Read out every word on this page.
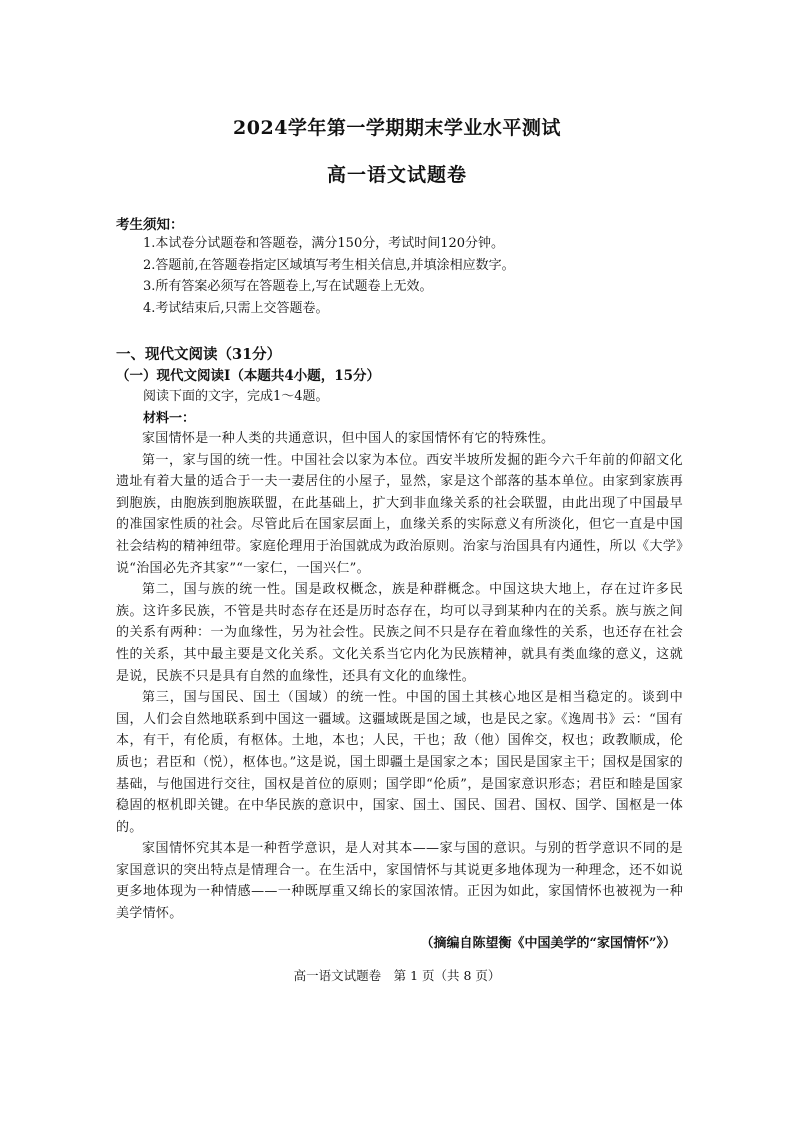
2024学年第一学期期末学业水平测试
高一语文试题卷
考生须知：
1.本试卷分试题卷和答题卷，满分150分，考试时间120分钟。
2.答题前,在答题卷指定区域填写考生相关信息,并填涂相应数字。
3.所有答案必须写在答题卷上,写在试题卷上无效。
4.考试结束后,只需上交答题卷。
一、现代文阅读（31分）
（一）现代文阅读Ⅰ（本题共4小题，15分）
阅读下面的文字，完成1～4题。
材料一：

家国情怀是一种人类的共通意识，但中国人的家国情怀有它的特殊性。

第一，家与国的统一性。中国社会以家为本位。西安半坡所发掘的距今六千年前的仰韶文化遗址有着大量的适合于一夫一妻居住的小屋子，显然，家是这个部落的基本单位。由家到家族再到胞族，由胞族到胞族联盟，在此基础上，扩大到非血缘关系的社会联盟，由此出现了中国最早的准国家性质的社会。尽管此后在国家层面上，血缘关系的实际意义有所淡化，但它一直是中国社会结构的精神纽带。家庭伦理用于治国就成为政治原则。治家与治国具有内通性，所以《大学》说“治国必先齐其家”“一家仁，一国兴仁”。

第二，国与族的统一性。国是政权概念，族是种群概念。中国这块大地上，存在过许多民族。这许多民族，不管是共时态存在还是历时态存在，均可以寻到某种内在的关系。族与族之间的关系有两种：一为血缘性，另为社会性。民族之间不只是存在着血缘性的关系，也还存在社会性的关系，其中最主要是文化关系。文化关系当它内化为民族精神，就具有类血缘的意义，这就是说，民族不只是具有自然的血缘性，还具有文化的血缘性。

第三，国与国民、国土（国域）的统一性。中国的国土其核心地区是相当稳定的。谈到中国，人们会自然地联系到中国这一疆域。这疆域既是国之域，也是民之家。《逸周书》云：“国有本，有干，有伦质，有枢体。土地，本也；人民，干也；敌（他）国侔交，权也；政教顺成，伦质也；君臣和（悦），枢体也。”这是说，国土即疆土是国家之本；国民是国家主干；国权是国家的基础，与他国进行交往，国权是首位的原则；国学即“伦质”，是国家意识形态；君臣和睦是国家稳固的枢机即关键。在中华民族的意识中，国家、国土、国民、国君、国权、国学、国枢是一体的。

家国情怀究其本是一种哲学意识，是人对其本——家与国的意识。与别的哲学意识不同的是家国意识的突出特点是情理合一。在生活中，家国情怀与其说更多地体现为一种理念，还不如说更多地体现为一种情感——一种既厚重又绵长的家国浓情。正因为如此，家国情怀也被视为一种美学情怀。

（摘编自陈望衡《中国美学的“家国情怀”》）
高一语文试题卷　第 1 页（共 8 页）
